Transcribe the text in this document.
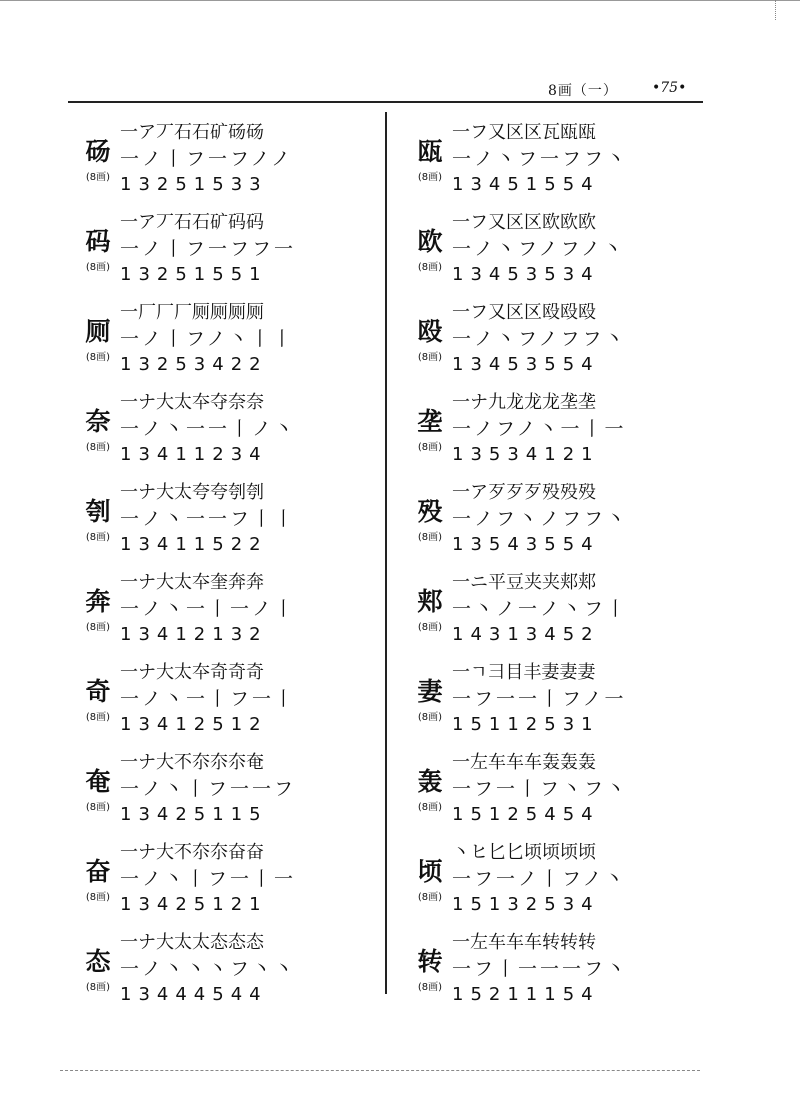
8画（一） •75•
砀
(8画)
一ア丆石石矿砀砀
一ノ丨フ一フノノ
13251533
码
(8画)
一ア丆石石矿码码
一ノ丨フ一フフ一
13251551
厕
(8画)
一厂厂厂厕厕厕厕
一ノ丨フノ丶丨丨
13253422
奈
(8画)
一ナ大太夲夺奈奈
一ノ丶一一丨ノ丶
13411234
刳
(8画)
一ナ大太夸夸刳刳
一ノ丶一一フ丨丨
13411522
奔
(8画)
一ナ大太夲奎奔奔
一ノ丶一丨一ノ丨
13412132
奇
(8画)
一ナ大太夲奇奇奇
一ノ丶一丨フ一丨
13412512
奄
(8画)
一ナ大不夵夵夵奄
一ノ丶丨フ一一フ
13425115
奋
(8画)
一ナ大不夵夵奋奋
一ノ丶丨フ一丨一
13425121
态
(8画)
一ナ大太太态态态
一ノ丶丶丶フ丶丶
13444544
瓯
(8画)
一フ又区区瓦瓯瓯
一ノ丶フ一フフ丶
13451554
欧
(8画)
一フ又区区欧欧欧
一ノ丶フノフノ丶
13453534
殴
(8画)
一フ又区区殴殴殴
一ノ丶フノフフ丶
13453554
垄
(8画)
一ナ九龙龙龙垄垄
一ノフノ丶一丨一
13534121
殁
(8画)
一ア歹歹歹殁殁殁
一ノフ丶ノフフ丶
13543554
郏
(8画)
一ニ平豆夹夹郏郏
一丶ノ一ノ丶フ丨
14313452
妻
(8画)
一ㄱ彐目丰妻妻妻
一フ一一丨フノ一
15112531
轰
(8画)
一左车车车轰轰轰
一フ一丨フ丶フ丶
15125454
顷
(8画)
丶ヒ匕匕顷顷顷顷
一フ一ノ丨フノ丶
15132534
转
(8画)
一左车车车转转转
一フ丨一一一フ丶
15211154
